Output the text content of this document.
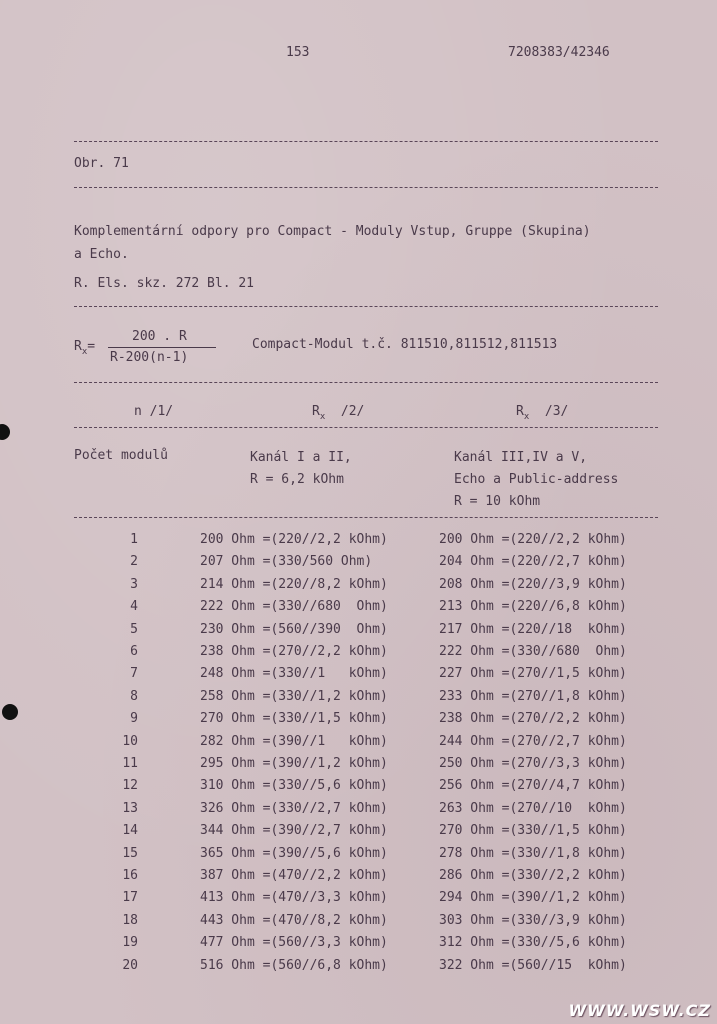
153	7208383/42346
Obr. 71
Komplementární odpory pro Compact - Moduly Vstup, Gruppe (Skupina)
a Echo.
R. Els. skz. 272 Bl. 21
$R_x=$
200 . R
R-200(n-1)
Compact-Modul t.č. 811510,811512,811513
n /1/	$R_x$ /2/	$R_x$ /3/
Počet modulů	Kanál I a II,
R = 6,2 kOhm
Kanál III,IV a V,
Echo a Public-address
R = 10 kOhm
1	200 Ohm =(220//2,2 kOhm)	200 Ohm =(220//2,2 kOhm)
2	207 Ohm =(330/560 Ohm)	204 Ohm =(220//2,7 kOhm)
3	214 Ohm =(220//8,2 kOhm)	208 Ohm =(220//3,9 kOhm)
4	222 Ohm =(330//680  Ohm)	213 Ohm =(220//6,8 kOhm)
5	230 Ohm =(560//390  Ohm)	217 Ohm =(220//18  kOhm)
6	238 Ohm =(270//2,2 kOhm)	222 Ohm =(330//680  Ohm)
7	248 Ohm =(330//1   kOhm)	227 Ohm =(270//1,5 kOhm)
8	258 Ohm =(330//1,2 kOhm)	233 Ohm =(270//1,8 kOhm)
9	270 Ohm =(330//1,5 kOhm)	238 Ohm =(270//2,2 kOhm)
10	282 Ohm =(390//1   kOhm)	244 Ohm =(270//2,7 kOhm)
11	295 Ohm =(390//1,2 kOhm)	250 Ohm =(270//3,3 kOhm)
12	310 Ohm =(330//5,6 kOhm)	256 Ohm =(270//4,7 kOhm)
13	326 Ohm =(330//2,7 kOhm)	263 Ohm =(270//10  kOhm)
14	344 Ohm =(390//2,7 kOhm)	270 Ohm =(330//1,5 kOhm)
15	365 Ohm =(390//5,6 kOhm)	278 Ohm =(330//1,8 kOhm)
16	387 Ohm =(470//2,2 kOhm)	286 Ohm =(330//2,2 kOhm)
17	413 Ohm =(470//3,3 kOhm)	294 Ohm =(390//1,2 kOhm)
18	443 Ohm =(470//8,2 kOhm)	303 Ohm =(330//3,9 kOhm)
19	477 Ohm =(560//3,3 kOhm)	312 Ohm =(330//5,6 kOhm)
20	516 Ohm =(560//6,8 kOhm)	322 Ohm =(560//15  kOhm)
WWW.WSW.CZ
